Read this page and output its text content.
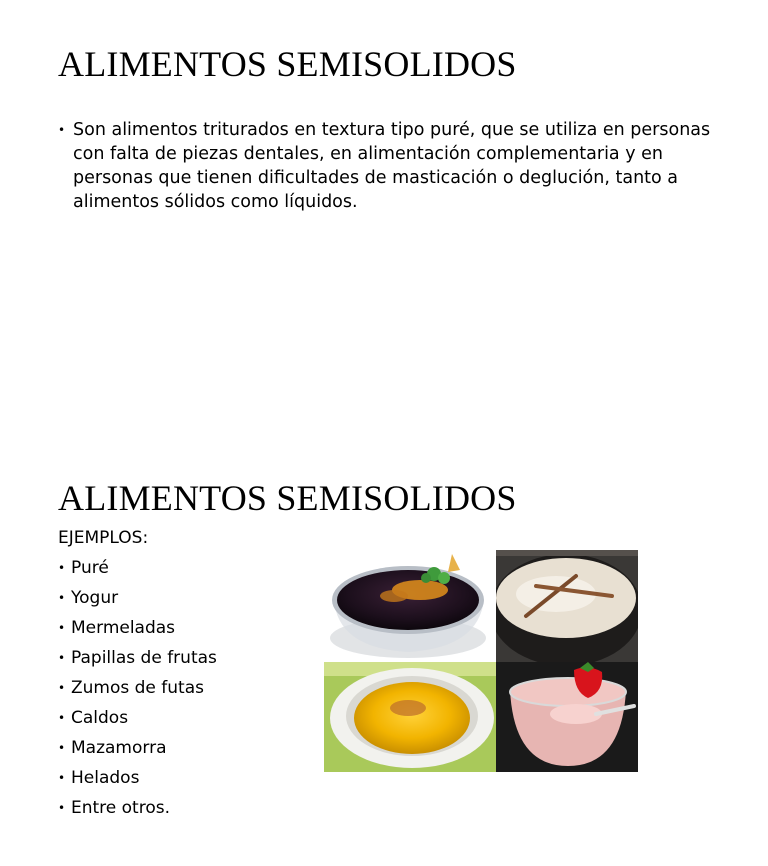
ALIMENTOS SEMISOLIDOS
• Son alimentos triturados en textura tipo puré, que se utiliza en personas con falta de piezas dentales, en alimentación complementaria y en personas que tienen dificultades de masticación o deglución, tanto a alimentos sólidos como líquidos.
ALIMENTOS SEMISOLIDOS
EJEMPLOS:
• Puré
• Yogur
• Mermeladas
• Papillas de frutas
• Zumos de futas
• Caldos
• Mazamorra
• Helados
• Entre otros.
